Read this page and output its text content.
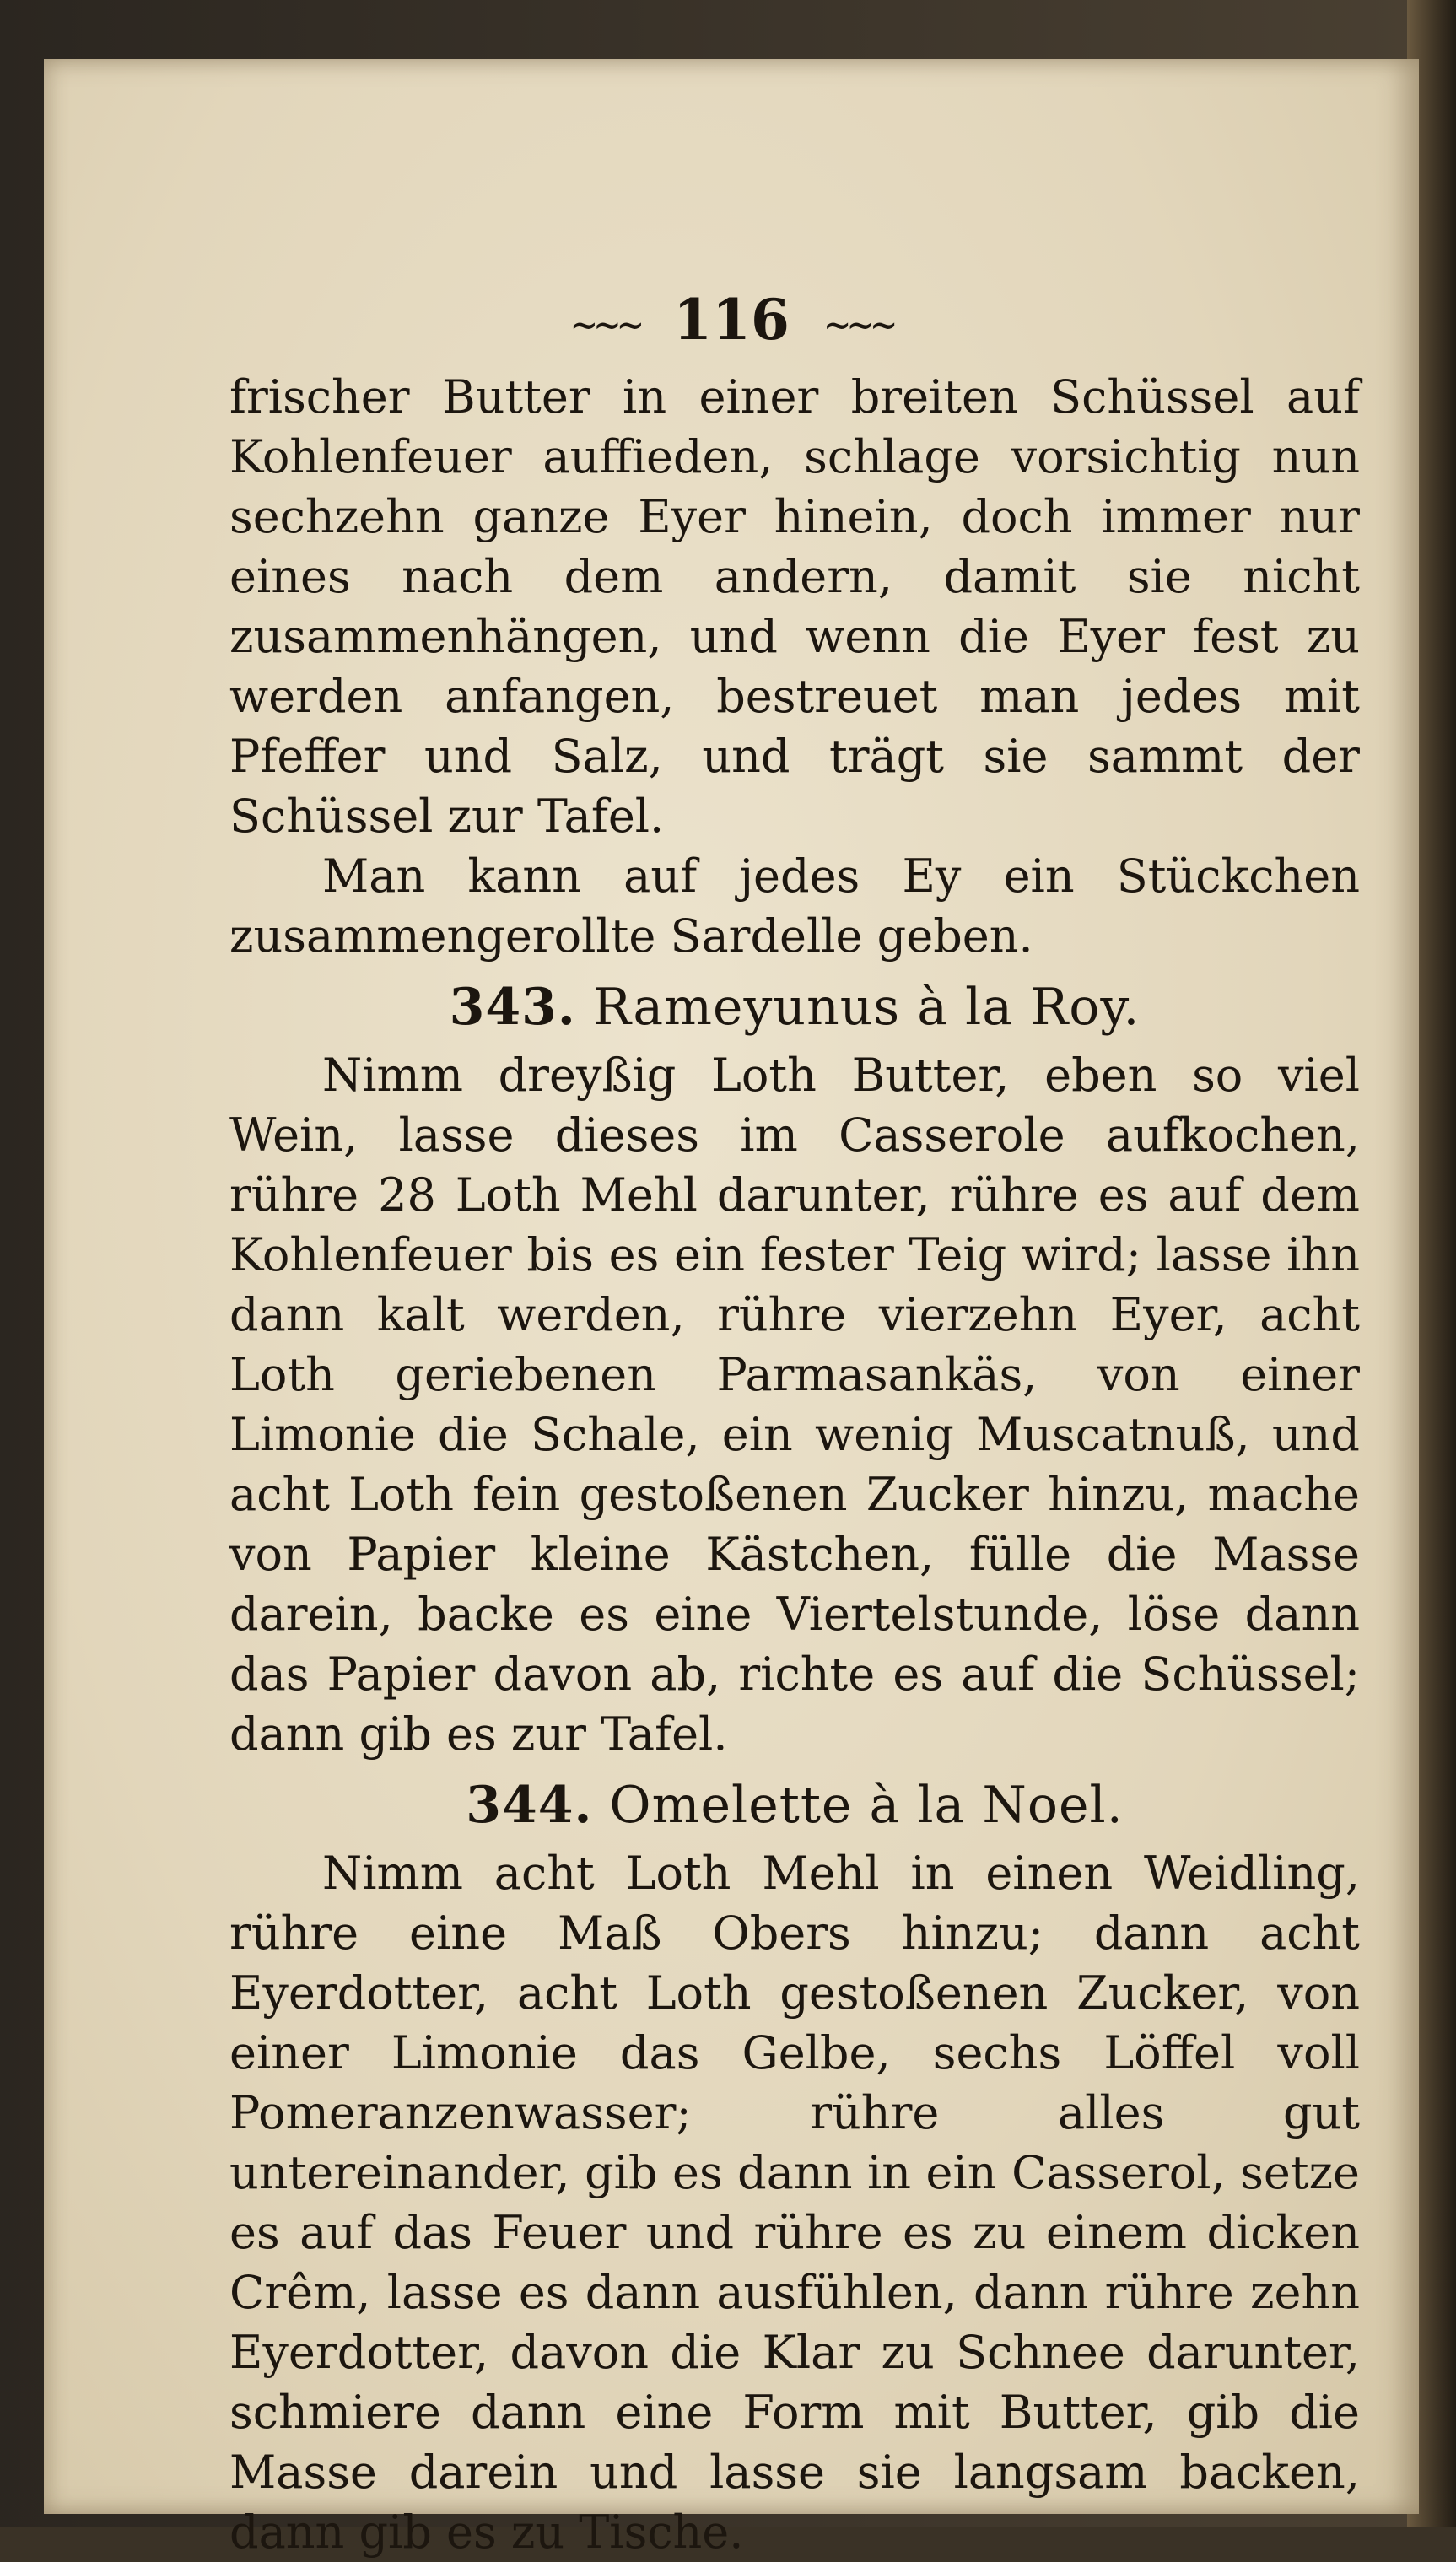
~~~ 116 ~~~

frischer Butter in einer breiten Schüssel auf Kohlenfeuer auffieden, schlage vorsichtig nun sechzehn ganze Eyer hinein, doch immer nur eines nach dem andern, damit sie nicht zusammenhängen, und wenn die Eyer fest zu werden anfangen, bestreuet man jedes mit Pfeffer und Salz, und trägt sie sammt der Schüssel zur Tafel.

Man kann auf jedes Ey ein Stückchen zusammengerollte Sardelle geben.

343. Rameyunus à la Roy.

Nimm dreyßig Loth Butter, eben so viel Wein, lasse dieses im Casserole aufkochen, rühre 28 Loth Mehl darunter, rühre es auf dem Kohlenfeuer bis es ein fester Teig wird; lasse ihn dann kalt werden, rühre vierzehn Eyer, acht Loth geriebenen Parmasankäs, von einer Limonie die Schale, ein wenig Muscatnuß, und acht Loth fein gestoßenen Zucker hinzu, mache von Papier kleine Kästchen, fülle die Masse darein, backe es eine Viertelstunde, löse dann das Papier davon ab, richte es auf die Schüssel; dann gib es zur Tafel.

344. Omelette à la Noel.

Nimm acht Loth Mehl in einen Weidling, rühre eine Maß Obers hinzu; dann acht Eyerdotter, acht Loth gestoßenen Zucker, von einer Limonie das Gelbe, sechs Löffel voll Pomeranzenwasser; rühre alles gut untereinander, gib es dann in ein Casserol, setze es auf das Feuer und rühre es zu einem dicken Crêm, lasse es dann ausfühlen, dann rühre zehn Eyerdotter, davon die Klar zu Schnee darunter, schmiere dann eine Form mit Butter, gib die Masse darein und lasse sie langsam backen, dann gib es zu Tische.
